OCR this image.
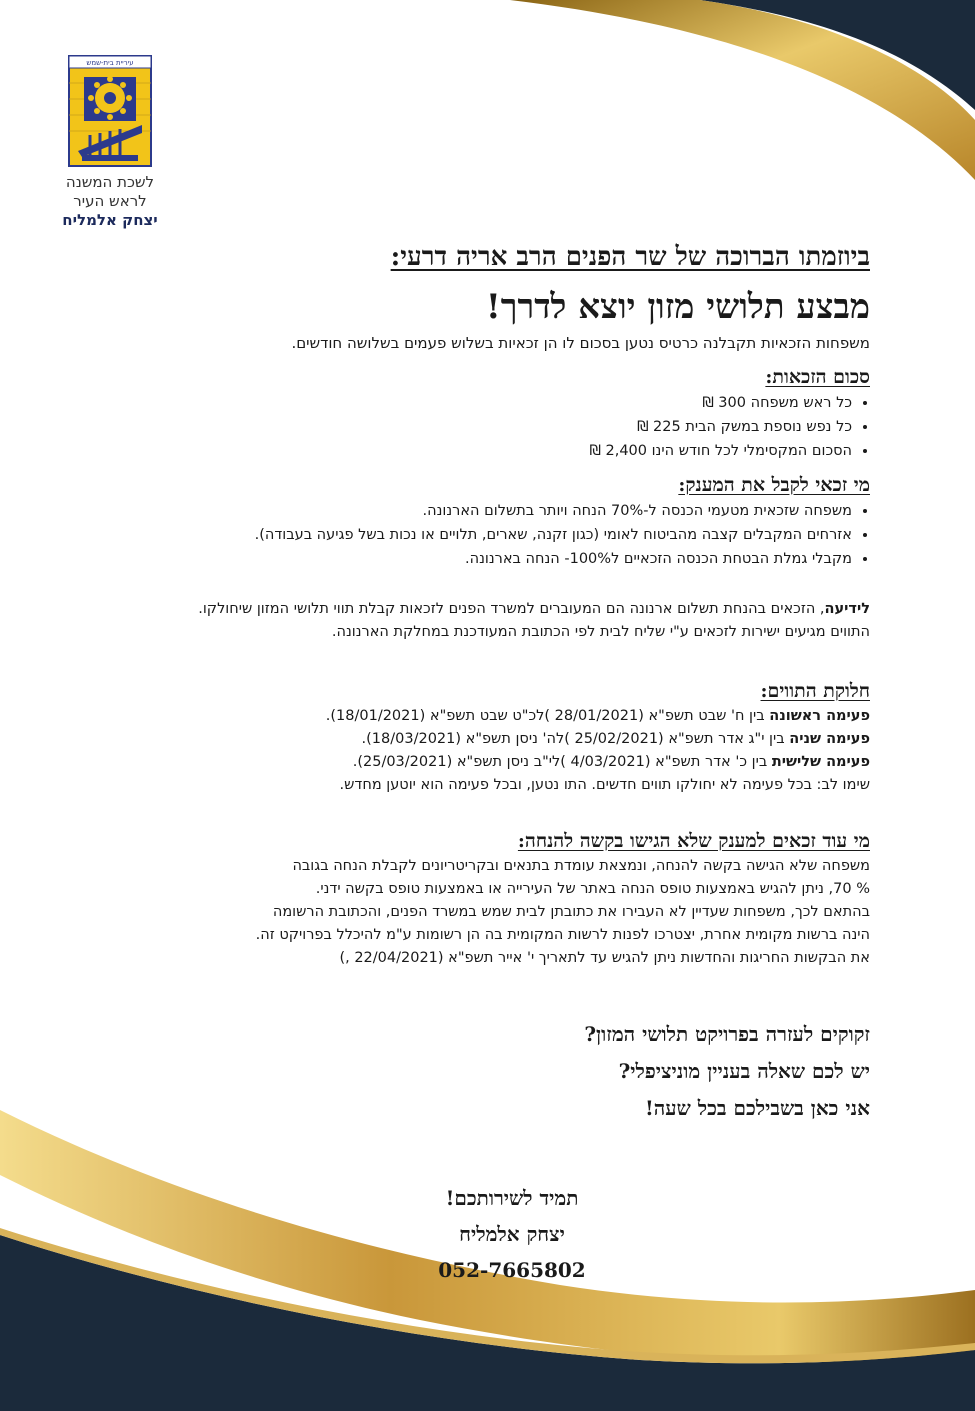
עיריית בית-שמש
לשכת המשנה
לראש העיר
יצחק אלמליח
ביוזמתו הברוכה של שר הפנים הרב אריה דרעי:
מבצע תלושי מזון יוצא לדרך!
משפחות הזכאיות תקבלנה כרטיס נטען בסכום לו הן זכאיות בשלוש פעמים בשלושה חודשים.
סכום הזכאות:
• כל ראש משפחה 300 ₪
• כל נפש נוספת במשק הבית 225 ₪
• הסכום המקסימלי לכל חודש הינו 2,400 ₪
מי זכאי לקבל את המענק:
• משפחה שזכאית מטעמי הכנסה ל-70% הנחה ויותר בתשלום הארנונה.
• אזרחים המקבלים קצבה מהביטוח לאומי (כגון זקנה, שארים, תלויים או נכות בשל פגיעה בעבודה).
• מקבלי גמלת הבטחת הכנסה הזכאיים ל100%- הנחה בארנונה.
לידיעה, הזכאים בהנחת תשלום ארנונה הם המעוברים למשרד הפנים לזכאות קבלת תווי תלושי המזון שיחולקו.
התווים מגיעים ישירות לזכאים ע"י שליח לבית לפי הכתובת המעודכנת במחלקת הארנונה.
חלוקת התווים:
פעימה ראשונה בין ח' שבט תשפ"א (28/01/2021 )לכ"ט שבט תשפ"א (18/01/2021).
פעימה שניה בין י"ג אדר תשפ"א (25/02/2021 )לה' ניסן תשפ"א (18/03/2021).
פעימה שלישית בין כ' אדר תשפ"א (4/03/2021 )לי"ב ניסן תשפ"א (25/03/2021).
שימו לב: בכל פעימה לא יחולקו תווים חדשים. התו נטען, ובכל פעימה הוא יוטען מחדש.
מי עוד זכאים למענק שלא הגישו בקשה להנחה:
משפחה שלא הגישה בקשה להנחה, ונמצאת עומדת בתנאים ובקריטריונים לקבלת הנחה בגובה
% 70, ניתן להגיש באמצעות טופס הנחה באתר של העירייה או באמצעות טופס בקשה ידני.
בהתאם לכך, משפחות שעדיין לא העבירו את כתובתן לבית שמש במשרד הפנים, והכתובת הרשומה
הינה ברשות מקומית אחרת, יצטרכו לפנות לרשות המקומית בה הן רשומות ע"מ להיכלל בפרויקט זה.
את הבקשות החריגות והחדשות ניתן להגיש עד לתאריך י' אייר תשפ"א (22/04/2021 ,)
זקוקים לעזרה בפרויקט תלושי המזון?
יש לכם שאלה בעניין מוניציפלי?
אני כאן בשבילכם בכל שעה!
תמיד לשירותכם!
יצחק אלמליח
052-7665802
